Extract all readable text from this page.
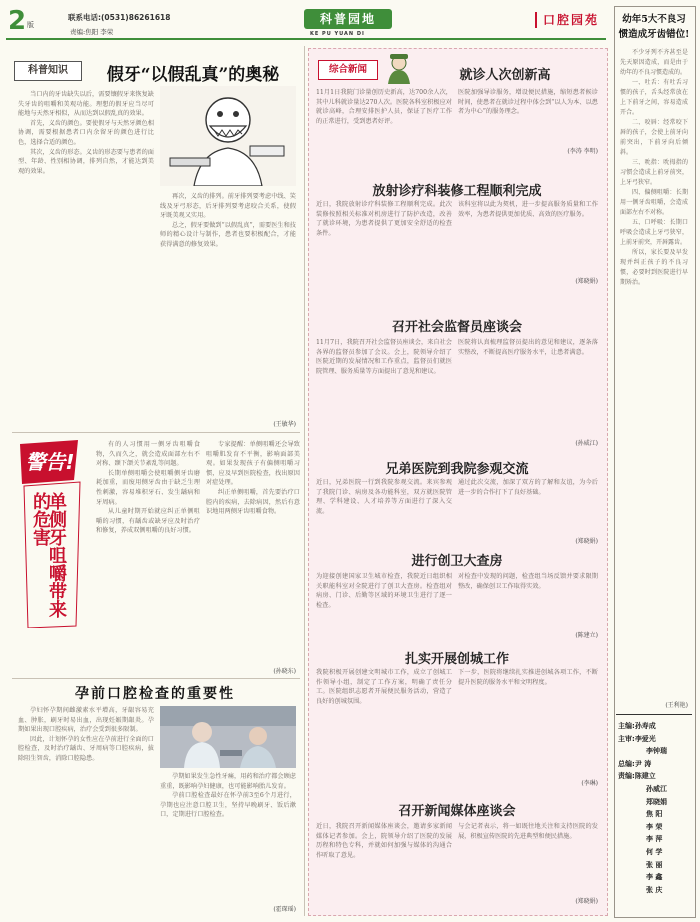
2 版
联系电话:(0531)86261618
责编:焦阳 李荣
科普园地
KE PU YUAN DI
口腔园苑
科普知识	假牙“以假乱真”的奥秘

当口内的牙齿缺失以后，需要镶假牙来恢复缺失牙齿的咀嚼和美观功能。理想的假牙应当尽可能地与天然牙相似，从而达到以假乱真的效果。

首先，义齿的颜色。要使假牙与天然牙颜色相协调，需要根据患者口内余留牙的颜色进行比色，选择合适的颜色。

其次，义齿的形态。义齿的形态要与患者的面型、年龄、性别相协调，排列自然，才能达到美观的效果。

再次，义齿的排列。前牙排列要考虑中线、笑线及牙弓形态，后牙排列要考虑咬合关系，使假牙既美观又实用。

总之，假牙要做到“以假乱真”，需要医生和技师的精心设计与制作，患者也要积极配合，才能获得满意的修复效果。

(王敏华)
警告!
单侧牙咀嚼带来的危害

有的人习惯用一侧牙齿咀嚼食物，久而久之，就会造成面部左右不对称、颞下颌关节紊乱等问题。

长期单侧咀嚼会使咀嚼侧牙齿磨耗加重，而废用侧牙齿由于缺乏生理性刺激，容易堆积牙石、发生龋病和牙周病。

从儿童时期开始就应纠正单侧咀嚼的习惯，有龋齿或缺牙应及时治疗和修复，养成双侧咀嚼的良好习惯。

专家提醒：单侧咀嚼还会导致咀嚼肌发育不平衡，影响面部美观。如果发现孩子有偏侧咀嚼习惯，应及早到医院检查，找出原因对症处理。

纠正单侧咀嚼，首先要治疗口腔内的疾病，去除病因，然后有意识地用两侧牙齿咀嚼食物。

(孙晓东)
孕前口腔检查的重要性

孕妇怀孕期间雌激素水平增高，牙龈容易充血、肿胀，刷牙时易出血，出现妊娠期龈炎。孕期如果出现口腔疾病，治疗会受到很多限制。

因此，计划怀孕的女性应在孕前进行全面的口腔检查，及时治疗龋齿、牙周病等口腔疾病，拔除阻生智齿，消除口腔隐患。

孕期如果发生急性牙痛，用药和治疗都会顾虑重重，既影响孕妇健康，也可能影响胎儿发育。

孕前口腔检查最好在怀孕前3至6个月进行，孕期也应注意口腔卫生，坚持早晚刷牙、饭后漱口，定期进行口腔检查。

(霍琛瑶)
综合新闻	就诊人次创新高
11月1日我院门诊量创历史新高，达700余人次，其中儿科就诊量达270人次。医院各科室积极应对就诊高峰，合理安排医护人员，保证了医疗工作的正常进行，受到患者好评。
医院加强导诊服务，增设便民措施，缩短患者候诊时间，使患者在就诊过程中体会到“以人为本、以患者为中心”的服务理念。
(李涛 李明)
放射诊疗科装修工程顺利完成
近日，我院放射诊疗科装修工程顺利完成。此次装修按照相关标准对机房进行了防护改造，改善了就诊环境，为患者提供了更加安全舒适的检查条件。
该科室将以此为契机，进一步提高服务质量和工作效率，为患者提供更加优质、高效的医疗服务。
(郑晓娟)
召开社会监督员座谈会
11月7日，我院召开社会监督员座谈会，来自社会各界的监督员参加了会议。会上，院领导介绍了医院近期的发展情况和工作重点，监督员们就医院管理、服务质量等方面提出了意见和建议。
医院将认真梳理监督员提出的意见和建议，逐条落实整改，不断提高医疗服务水平，让患者满意。
(孙威江)
兄弟医院到我院参观交流
近日，兄弟医院一行到我院参观交流。来宾参观了我院门诊、病房及各功能科室，双方就医院管理、学科建设、人才培养等方面进行了深入交流。
通过此次交流，加深了双方的了解和友谊，为今后进一步的合作打下了良好基础。
(郑晓娟)
进行创卫大查房
为迎接创建国家卫生城市检查，我院近日组织相关职能科室对全院进行了创卫大查房。检查组对病房、门诊、后勤等区域的环境卫生进行了逐一检查。
对检查中发现的问题，检查组当场反馈并要求限期整改，确保创卫工作取得实效。
(陈建立)
扎实开展创城工作
我院积极开展创建文明城市工作，成立了创城工作领导小组，制定了工作方案，明确了责任分工。医院组织志愿者开展便民服务活动，营造了良好的创城氛围。
下一步，医院将继续扎实推进创城各项工作，不断提升医院的服务水平和文明程度。
(李琳)
召开新闻媒体座谈会
近日，我院召开新闻媒体座谈会，邀请多家新闻媒体记者参加。会上，院领导介绍了医院的发展历程和特色专科，并就如何加强与媒体的沟通合作听取了意见。
与会记者表示，将一如既往地关注和支持医院的发展，积极宣传医院的先进典型和便民措施。
(郑晓娟)
幼年5大不良习惯造成牙齿错位!

不少牙列不齐甚至是先天原因造成，而是由于幼年的不良习惯造成的。

一、吐舌：有吐舌习惯的孩子，舌头经常放在上下前牙之间，容易造成开合。

二、咬唇：经常咬下唇的孩子，会使上前牙向前突出，下前牙向后倾斜。

三、吮指：吮拇指的习惯会造成上前牙前突，上牙弓狭窄。

四、偏侧咀嚼：长期用一侧牙齿咀嚼，会造成面部左右不对称。

五、口呼吸：长期口呼吸会造成上牙弓狭窄，上前牙前突，开唇露齿。

所以，家长要及早发现并纠正孩子的不良习惯，必要时到医院进行早期矫治。

(王利艳)
主编:孙寿成
主审:李爱光
李钟瑞
总编:尹 涛
责编:陈建立
孙威江
郑晓娟
焦 阳
李 荣
李 萍
何 学
张 丽
李 鑫
张 庆
